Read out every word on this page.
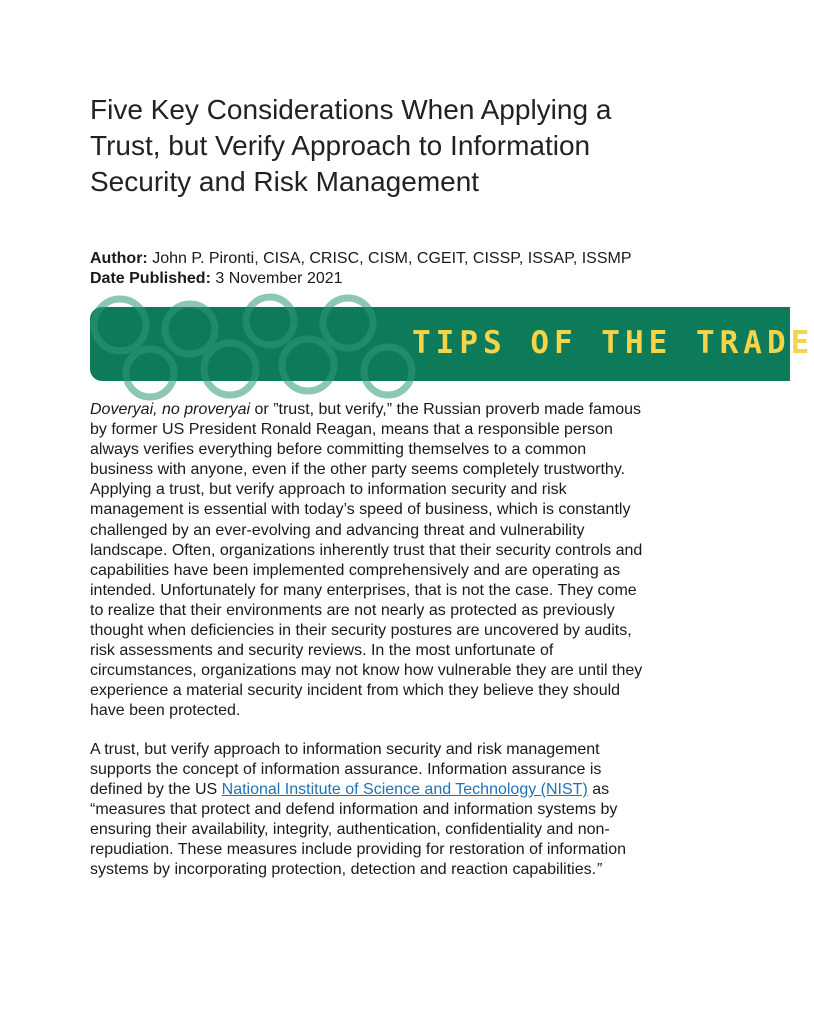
Five Key Considerations When Applying a
Trust, but Verify Approach to Information
Security and Risk Management
Author: John P. Pironti, CISA, CRISC, CISM, CGEIT, CISSP, ISSAP, ISSMP
Date Published: 3 November 2021
TIPS OF THE TRADE

Doveryai, no proveryai or ”trust, but verify,” the Russian proverb made famous
by former US President Ronald Reagan, means that a responsible person
always verifies everything before committing themselves to a common
business with anyone, even if the other party seems completely trustworthy.
Applying a trust, but verify approach to information security and risk
management is essential with today’s speed of business, which is constantly
challenged by an ever-evolving and advancing threat and vulnerability
landscape. Often, organizations inherently trust that their security controls and
capabilities have been implemented comprehensively and are operating as
intended. Unfortunately for many enterprises, that is not the case. They come
to realize that their environments are not nearly as protected as previously
thought when deficiencies in their security postures are uncovered by audits,
risk assessments and security reviews. In the most unfortunate of
circumstances, organizations may not know how vulnerable they are until they
experience a material security incident from which they believe they should
have been protected.

A trust, but verify approach to information security and risk management
supports the concept of information assurance. Information assurance is
defined by the US National Institute of Science and Technology (NIST) as
“measures that protect and defend information and information systems by
ensuring their availability, integrity, authentication, confidentiality and non-
repudiation. These measures include providing for restoration of information
systems by incorporating protection, detection and reaction capabilities.”
